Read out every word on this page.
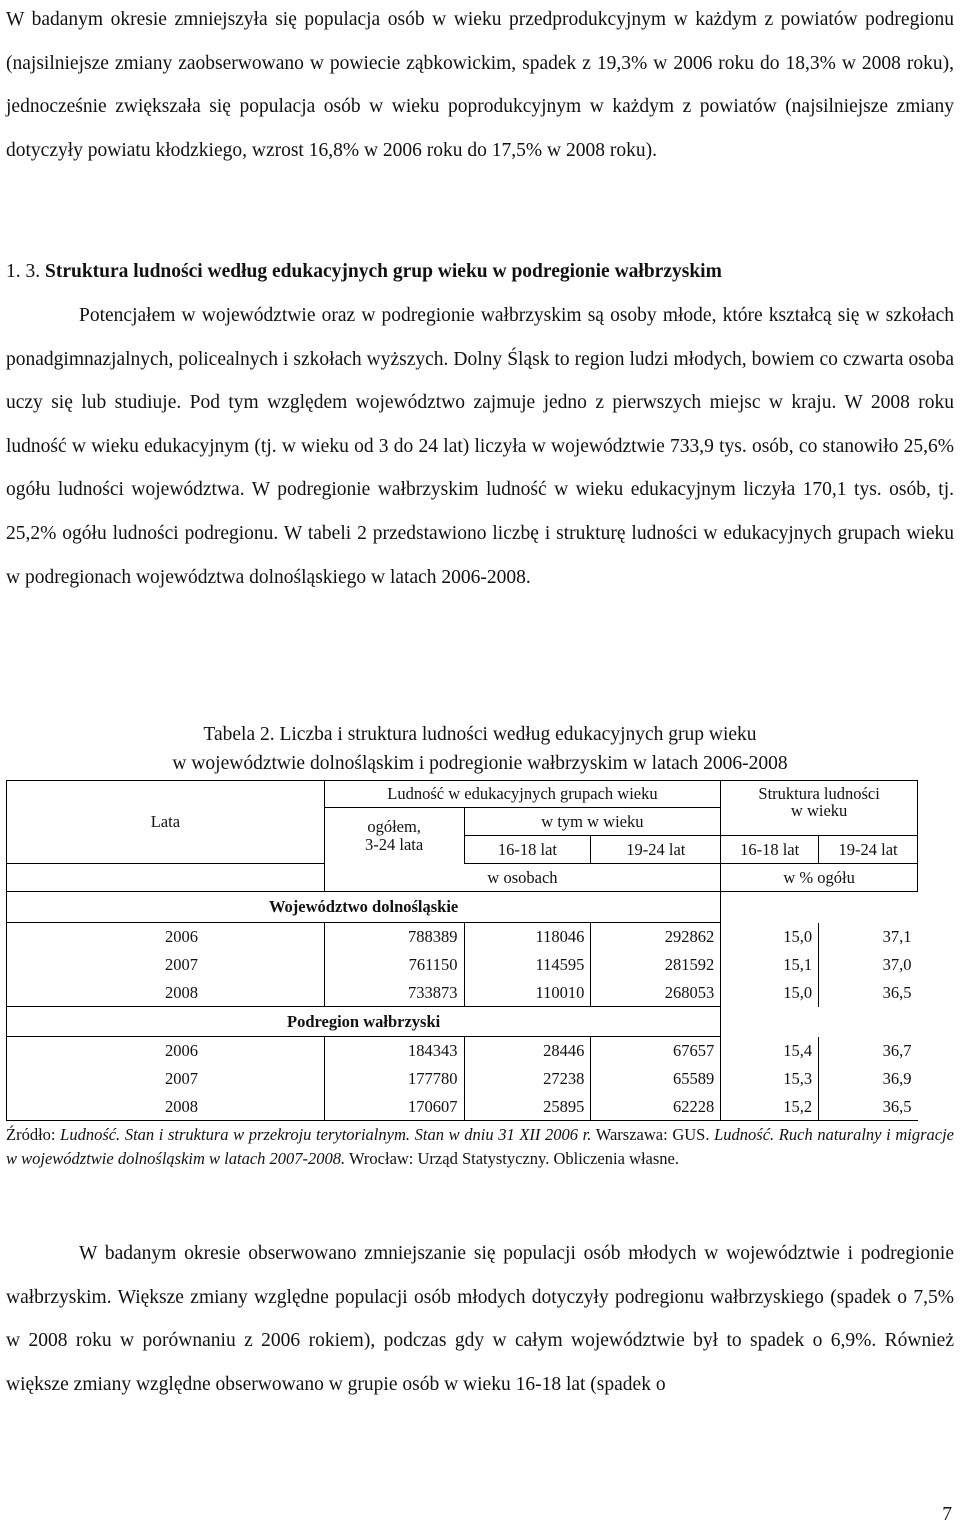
W badanym okresie zmniejszyła się populacja osób w wieku przedprodukcyjnym w każdym z powiatów podregionu (najsilniejsze zmiany zaobserwowano w powiecie ząbkowickim, spadek z 19,3% w 2006 roku do 18,3% w 2008 roku), jednocześnie zwiększała się populacja osób w wieku poprodukcyjnym w każdym z powiatów (najsilniejsze zmiany dotyczyły powiatu kłodzkiego, wzrost 16,8% w 2006 roku do 17,5% w 2008 roku).

1. 3. Struktura ludności według edukacyjnych grup wieku w podregionie wałbrzyskim

Potencjałem w województwie oraz w podregionie wałbrzyskim są osoby młode, które kształcą się w szkołach ponadgimnazjalnych, policealnych i szkołach wyższych. Dolny Śląsk to region ludzi młodych, bowiem co czwarta osoba uczy się lub studiuje. Pod tym względem województwo zajmuje jedno z pierwszych miejsc w kraju. W 2008 roku ludność w wieku edukacyjnym (tj. w wieku od 3 do 24 lat) liczyła w województwie 733,9 tys. osób, co stanowiło 25,6% ogółu ludności województwa. W podregionie wałbrzyskim ludność w wieku edukacyjnym liczyła 170,1 tys. osób, tj. 25,2% ogółu ludności podregionu. W tabeli 2 przedstawiono liczbę i strukturę ludności w edukacyjnych grupach wieku w podregionach województwa dolnośląskiego w latach 2006-2008.

Tabela 2. Liczba i struktura ludności według edukacyjnych grup wieku
w województwie dolnośląskim i podregionie wałbrzyskim w latach 2006-2008
Lata	Ludność w edukacyjnych grupach wieku			Struktura ludności
w wieku	

	ogółem,
3-24 lata	w tym w wieku			
		16-18 lat	19-24 lat	16-18 lat	19-24 lat
	w osobach			w % ogółu	
Województwo dolnośląskie					
2006	788389	118046	292862	15,0	37,1
2007	761150	114595	281592	15,1	37,0
2008	733873	110010	268053	15,0	36,5
Podregion wałbrzyski					
2006	184343	28446	67657	15,4	36,7
2007	177780	27238	65589	15,3	36,9
2008	170607	25895	62228	15,2	36,5

Źródło: Ludność. Stan i struktura w przekroju terytorialnym. Stan w dniu 31 XII 2006 r. Warszawa: GUS. Ludność. Ruch naturalny i migracje w województwie dolnośląskim w latach 2007-2008. Wrocław: Urząd Statystyczny. Obliczenia własne.

W badanym okresie obserwowano zmniejszanie się populacji osób młodych w województwie i podregionie wałbrzyskim. Większe zmiany względne populacji osób młodych dotyczyły podregionu wałbrzyskiego (spadek o 7,5% w 2008 roku w porównaniu z 2006 rokiem), podczas gdy w całym województwie był to spadek o 6,9%. Również większe zmiany względne obserwowano w grupie osób w wieku 16-18 lat (spadek o

7
